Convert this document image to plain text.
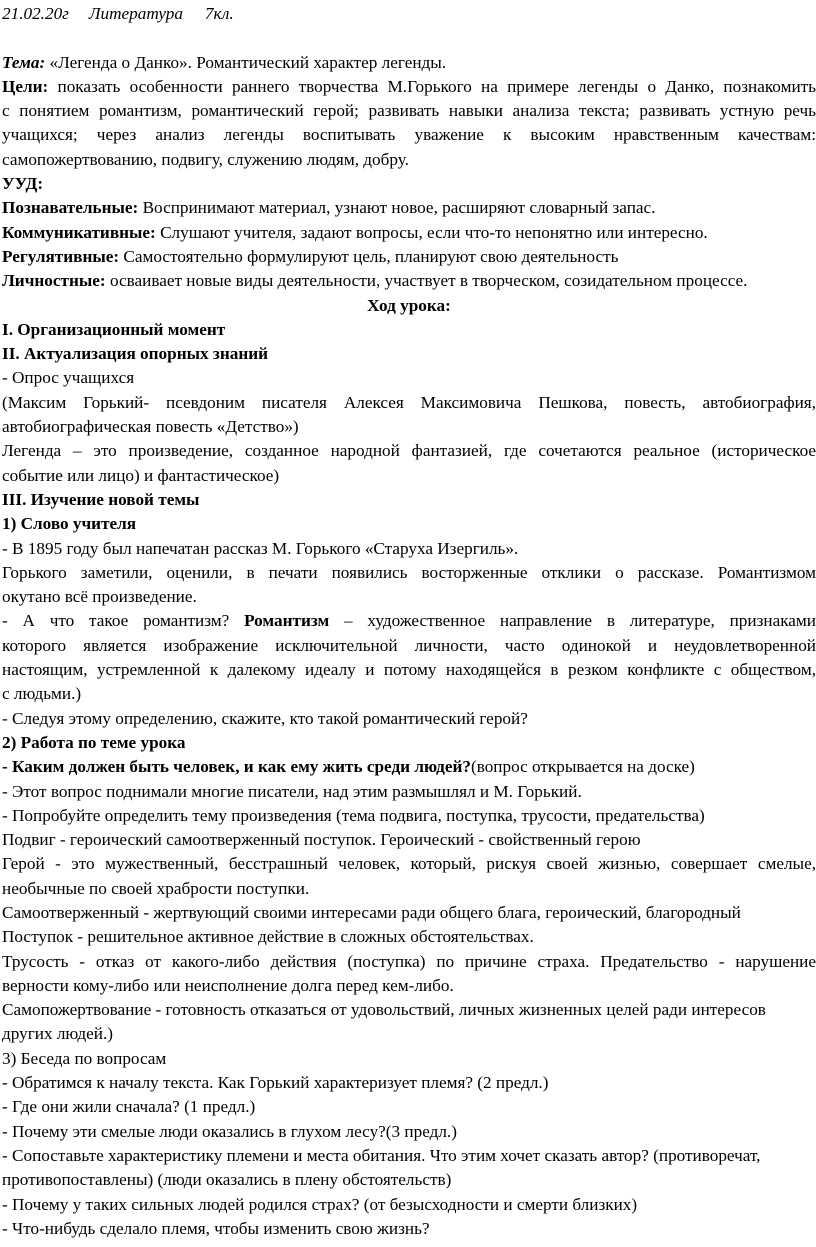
21.02.20г Литература 7кл.
Тема: «Легенда о Данко». Романтический характер легенды.
Цели: показать особенности раннего творчества М.Горького на примере легенды о Данко, познакомить
с понятием романтизм, романтический герой; развивать навыки анализа текста; развивать устную речь
учащихся; через анализ легенды воспитывать уважение к высоким нравственным качествам:
самопожертвованию, подвигу, служению людям, добру.
УУД:
Познавательные: Воспринимают материал, узнают новое, расширяют словарный запас.
Коммуникативные: Слушают учителя, задают вопросы, если что-то непонятно или интересно.
Регулятивные: Самостоятельно формулируют цель, планируют свою деятельность
Личностные: осваивает новые виды деятельности, участвует в творческом, созидательном процессе.
Ход урока:
I. Организационный момент
II. Актуализация опорных знаний
- Опрос учащихся
(Максим Горький- псевдоним писателя Алексея Максимовича Пешкова, повесть, автобиография,
автобиографическая повесть «Детство»)
Легенда – это произведение, созданное народной фантазией, где сочетаются реальное (историческое
событие или лицо) и фантастическое)
III. Изучение новой темы
1) Слово учителя
- В 1895 году был напечатан рассказ М. Горького «Старуха Изергиль».
Горького заметили, оценили, в печати появились восторженные отклики о рассказе. Романтизмом
окутано всё произведение.
- А что такое романтизм? Романтизм – художественное направление в литературе, признаками
которого является изображение исключительной личности, часто одинокой и неудовлетворенной
настоящим, устремленной к далекому идеалу и потому находящейся в резком конфликте с обществом,
с людьми.)
- Следуя этому определению, скажите, кто такой романтический герой?
2) Работа по теме урока
- Каким должен быть человек, и как ему жить среди людей?(вопрос открывается на доске)
- Этот вопрос поднимали многие писатели, над этим размышлял и М. Горький.
- Попробуйте определить тему произведения (тема подвига, поступка, трусости, предательства)
Подвиг - героический самоотверженный поступок. Героический - свойственный герою
Герой - это мужественный, бесстрашный человек, который, рискуя своей жизнью, совершает смелые,
необычные по своей храбрости поступки.
Самоотверженный - жертвующий своими интересами ради общего блага, героический, благородный
Поступок - решительное активное действие в сложных обстоятельствах.
Трусость - отказ от какого-либо действия (поступка) по причине страха. Предательство - нарушение
верности кому-либо или неисполнение долга перед кем-либо.
Самопожертвование - готовность отказаться от удовольствий, личных жизненных целей ради интересов
других людей.)
3) Беседа по вопросам
- Обратимся к началу текста. Как Горький характеризует племя? (2 предл.)
- Где они жили сначала? (1 предл.)
- Почему эти смелые люди оказались в глухом лесу?(3 предл.)
- Сопоставьте характеристику племени и места обитания. Что этим хочет сказать автор? (противоречат,
противопоставлены) (люди оказались в плену обстоятельств)
- Почему у таких сильных людей родился страх? (от безысходности и смерти близких)
- Что-нибудь сделало племя, чтобы изменить свою жизнь?
